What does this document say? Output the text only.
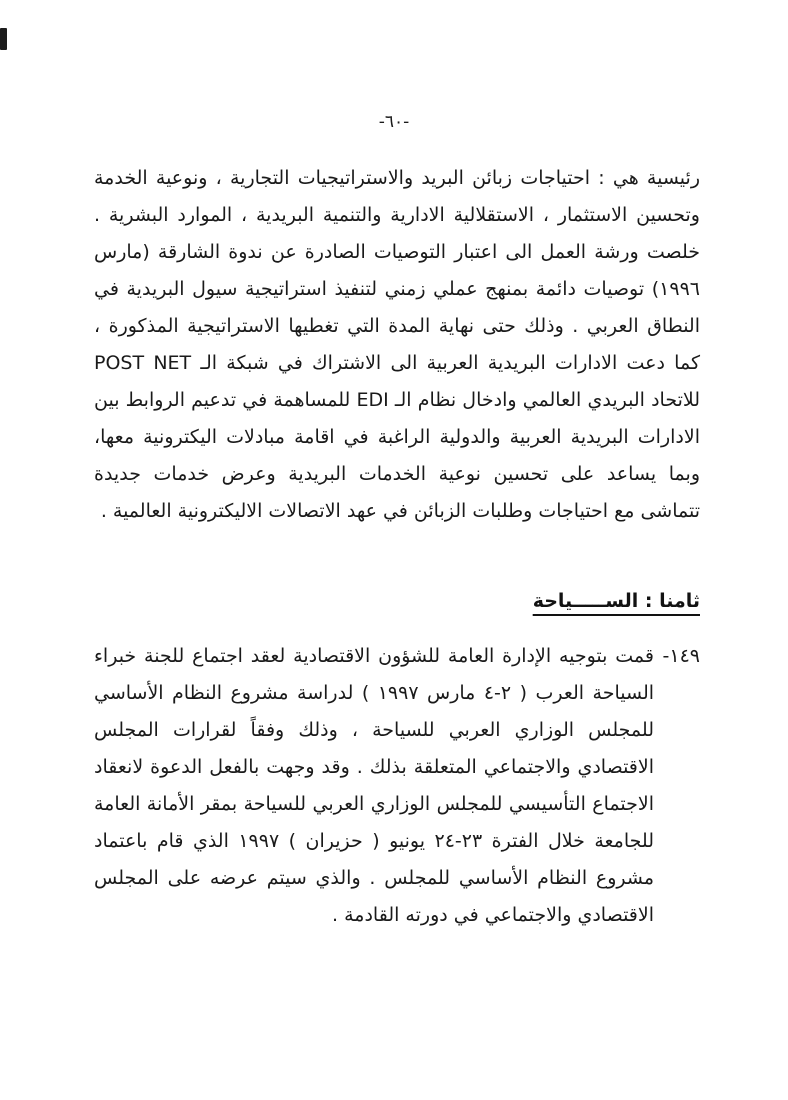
-٦٠-

رئيسية هي : احتياجات زبائن البريد والاستراتيجيات التجارية ، ونوعية الخدمة وتحسين الاستثمار ، الاستقلالية الادارية والتنمية البريدية ، الموارد البشرية . خلصت ورشة العمل الى اعتبار التوصيات الصادرة عن ندوة الشارقة (مارس ١٩٩٦) توصيات دائمة بمنهج عملي زمني لتنفيذ استراتيجية سيول البريدية في النطاق العربي . وذلك حتى نهاية المدة التي تغطيها الاستراتيجية المذكورة ، كما دعت الادارات البريدية العربية الى الاشتراك في شبكة الـ POST NET للاتحاد البريدي العالمي وادخال نظام الـ EDI للمساهمة في تدعيم الروابط بين الادارات البريدية العربية والدولية الراغبة في اقامة مبادلات اليكترونية معها، وبما يساعد على تحسين نوعية الخدمات البريدية وعرض خدمات جديدة تتماشى مع احتياجات وطلبات الزبائن في عهد الاتصالات الاليكترونية العالمية .

ثامنا : الســـــياحة
١٤٩-

قمت بتوجيه الإدارة العامة للشؤون الاقتصادية لعقد اجتماع للجنة خبراء السياحة العرب ( ٢-٤ مارس ١٩٩٧ ) لدراسة مشروع النظام الأساسي للمجلس الوزاري العربي للسياحة ، وذلك وفقاً لقرارات المجلس الاقتصادي والاجتماعي المتعلقة بذلك . وقد وجهت بالفعل الدعوة لانعقاد الاجتماع التأسيسي للمجلس الوزاري العربي للسياحة بمقر الأمانة العامة للجامعة خلال الفترة ٢٣-٢٤ يونيو ( حزيران ) ١٩٩٧ الذي قام باعتماد مشروع النظام الأساسي للمجلس . والذي سيتم عرضه على المجلس الاقتصادي والاجتماعي في دورته القادمة .
